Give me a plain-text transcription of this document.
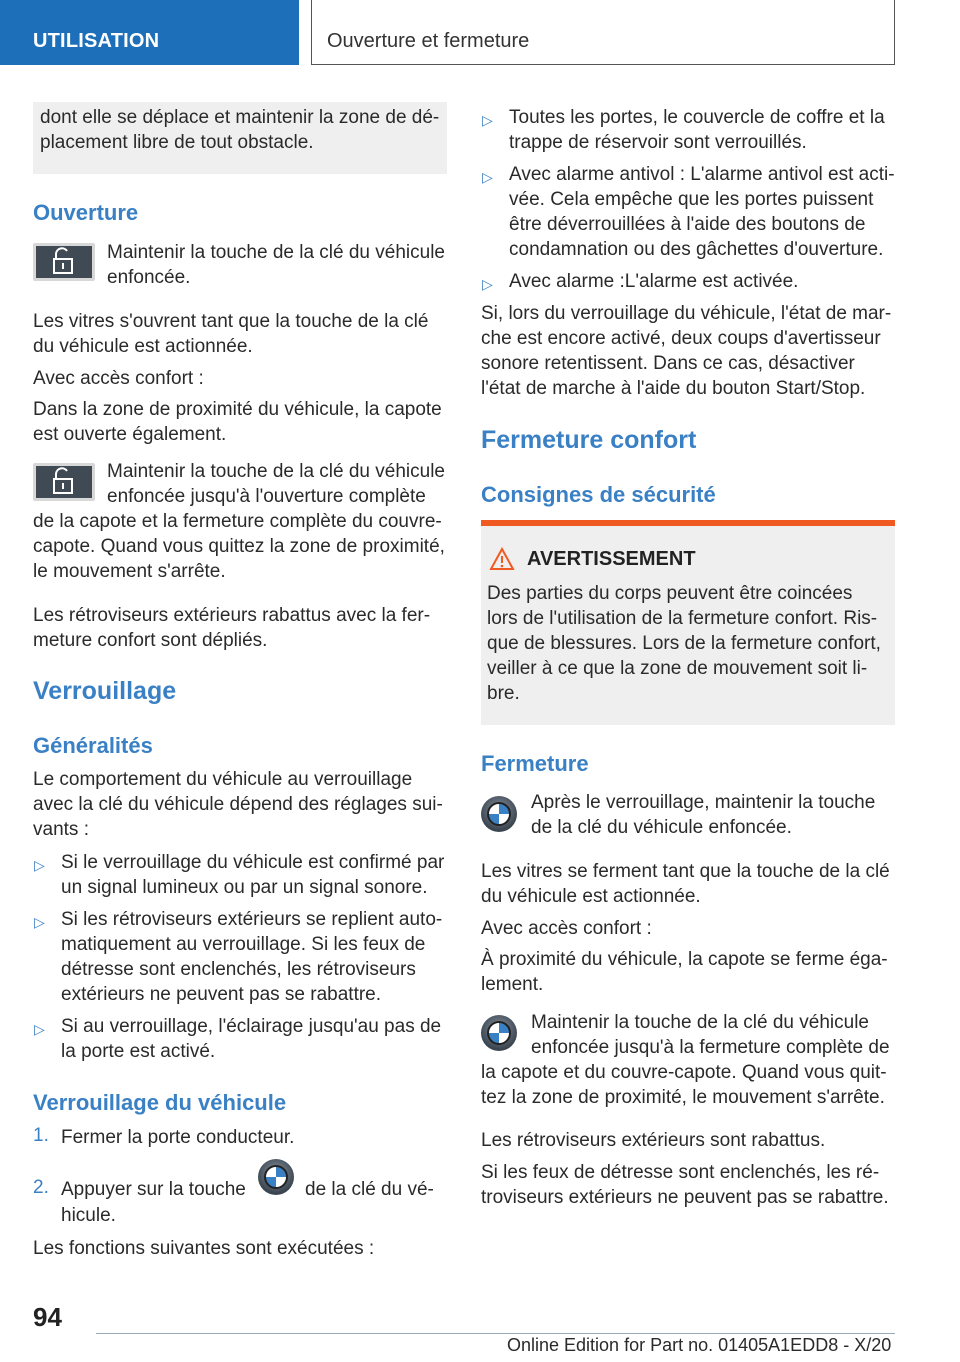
UTILISATION	Ouverture et fermeture

dont elle se déplace et maintenir la zone de dé-

placement libre de tout obstacle.

Ouverture

Maintenir la touche de la clé du véhicule

enfoncée.

Les vitres s'ouvrent tant que la touche de la clé

du véhicule est actionnée.

Avec accès confort :

Dans la zone de proximité du véhicule, la capote

est ouverte également.

Maintenir la touche de la clé du véhicule

enfoncée jusqu'à l'ouverture complète

de la capote et la fermeture complète du couvre-

capote. Quand vous quittez la zone de proximité,

le mouvement s'arrête.

Les rétroviseurs extérieurs rabattus avec la fer-

meture confort sont dépliés.

Verrouillage
Généralités

Le comportement du véhicule au verrouillage

avec la clé du véhicule dépend des réglages sui-

vants :

▷ Si le verrouillage du véhicule est confirmé par

un signal lumineux ou par un signal sonore.

▷ Si les rétroviseurs extérieurs se replient auto-

matiquement au verrouillage. Si les feux de

détresse sont enclenchés, les rétroviseurs

extérieurs ne peuvent pas se rabattre.

▷ Si au verrouillage, l'éclairage jusqu'au pas de

la porte est activé.

Verrouillage du véhicule
1. Fermer la porte conducteur.

2. Appuyer sur la touche	de la clé du vé-

hicule.

Les fonctions suivantes sont exécutées :

▷ Toutes les portes, le couvercle de coffre et la

trappe de réservoir sont verrouillés.

▷ Avec alarme antivol : L'alarme antivol est acti-

vée. Cela empêche que les portes puissent

être déverrouillées à l'aide des boutons de

condamnation ou des gâchettes d'ouverture.

▷ Avec alarme :L'alarme est activée.

Si, lors du verrouillage du véhicule, l'état de mar-

che est encore activé, deux coups d'avertisseur

sonore retentissent. Dans ce cas, désactiver

l'état de marche à l'aide du bouton Start/Stop.

Fermeture confort
Consignes de sécurité
AVERTISSEMENT

Des parties du corps peuvent être coincées

lors de l'utilisation de la fermeture confort. Ris-

que de blessures. Lors de la fermeture confort,

veiller à ce que la zone de mouvement soit li-

bre.

Fermeture

Après le verrouillage, maintenir la touche

de la clé du véhicule enfoncée.

Les vitres se ferment tant que la touche de la clé

du véhicule est actionnée.

Avec accès confort :

À proximité du véhicule, la capote se ferme éga-

lement.

Maintenir la touche de la clé du véhicule

enfoncée jusqu'à la fermeture complète de

la capote et du couvre-capote. Quand vous quit-

tez la zone de proximité, le mouvement s'arrête.

Les rétroviseurs extérieurs sont rabattus.

Si les feux de détresse sont enclenchés, les ré-

troviseurs extérieurs ne peuvent pas se rabattre.

94
Online Edition for Part no. 01405A1EDD8 - X/20
